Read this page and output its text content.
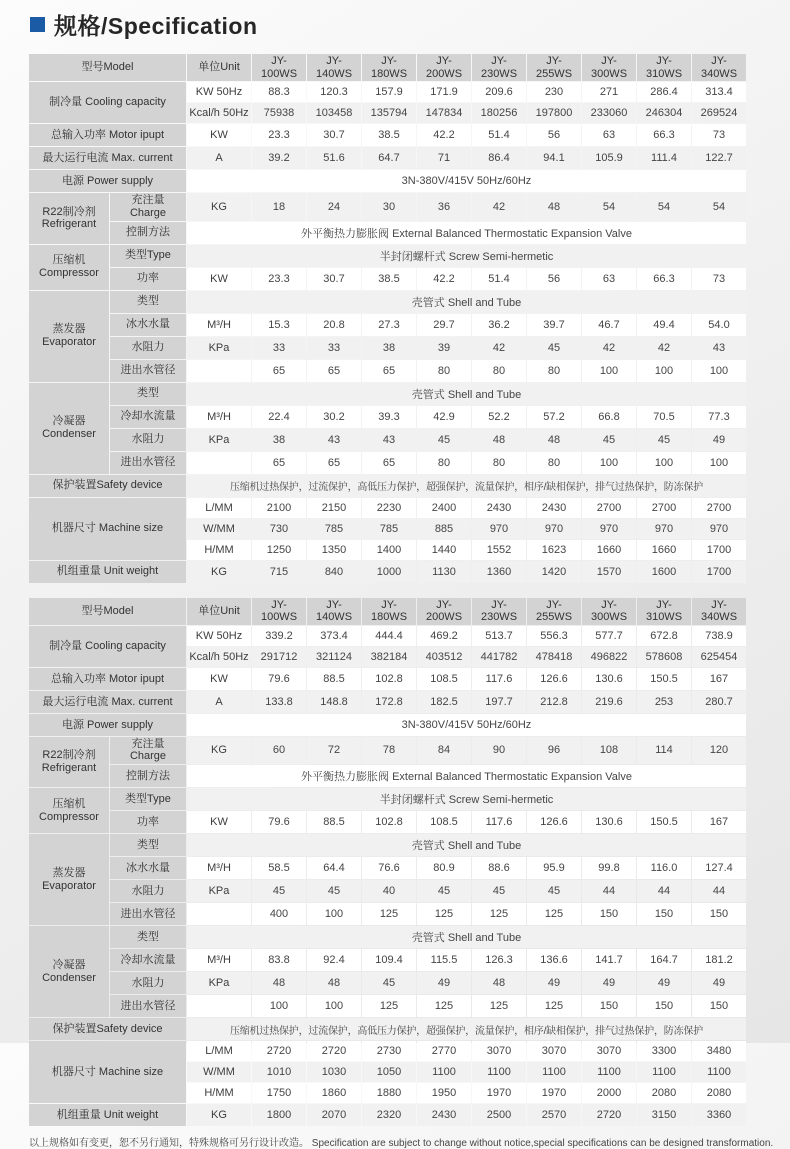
规格/Specification
型号Model		单位Unit	JY-100WS	JY-140WS	JY-180WS	JY-200WS	JY-230WS	JY-255WS	JY-300WS	JY-310WS	JY-340WS
制冷量 Cooling capacity		KW 50Hz	88.3	120.3	157.9	171.9	209.6	230	271	286.4	313.4
		Kcal/h 50Hz	75938	103458	135794	147834	180256	197800	233060	246304	269524
总输入功率 Motor ipupt		KW	23.3	30.7	38.5	42.2	51.4	56	63	66.3	73
最大运行电流 Max. current		A	39.2	51.6	64.7	71	86.4	94.1	105.9	111.4	122.7
电源 Power supply		3N-380V/415V 50Hz/60Hz									
R22制冷剂 Refrigerant	充注量 Charge	KG	18	24	30	36	42	48	54	54	54
	控制方法	外平衡热力膨胀阀 External Balanced Thermostatic Expansion Valve									
压缩机 Compressor	类型Type	半封闭螺杆式 Screw Semi-hermetic									
	功率	KW	23.3	30.7	38.5	42.2	51.4	56	63	66.3	73
蒸发器 Evaporator	类型	壳管式 Shell and Tube									
	冰水水量	M³/H	15.3	20.8	27.3	29.7	36.2	39.7	46.7	49.4	54.0
	水阻力	KPa	33	33	38	39	42	45	42	42	43
	进出水管径		65	65	65	80	80	80	100	100	100
冷凝器 Condenser	类型	壳管式 Shell and Tube									
	冷却水流量	M³/H	22.4	30.2	39.3	42.9	52.2	57.2	66.8	70.5	77.3
	水阻力	KPa	38	43	43	45	48	48	45	45	49
	进出水管径		65	65	65	80	80	80	100	100	100
保护装置Safety device		压缩机过热保护，过流保护，高低压力保护，超强保护，流量保护，相序/缺相保护，排气过热保护，防冻保护									
机器尺寸 Machine size		L/MM	2100	2150	2230	2400	2430	2430	2700	2700	2700
		W/MM	730	785	785	885	970	970	970	970	970
		H/MM	1250	1350	1400	1440	1552	1623	1660	1660	1700
机组重量 Unit weight		KG	715	840	1000	1130	1360	1420	1570	1600	1700
型号Model		单位Unit	JY-100WS	JY-140WS	JY-180WS	JY-200WS	JY-230WS	JY-255WS	JY-300WS	JY-310WS	JY-340WS
制冷量 Cooling capacity		KW 50Hz	339.2	373.4	444.4	469.2	513.7	556.3	577.7	672.8	738.9
		Kcal/h 50Hz	291712	321124	382184	403512	441782	478418	496822	578608	625454
总输入功率 Motor ipupt		KW	79.6	88.5	102.8	108.5	117.6	126.6	130.6	150.5	167
最大运行电流 Max. current		A	133.8	148.8	172.8	182.5	197.7	212.8	219.6	253	280.7
电源 Power supply		3N-380V/415V 50Hz/60Hz									
R22制冷剂 Refrigerant	充注量 Charge	KG	60	72	78	84	90	96	108	114	120
	控制方法	外平衡热力膨胀阀 External Balanced Thermostatic Expansion Valve									
压缩机 Compressor	类型Type	半封闭螺杆式 Screw Semi-hermetic									
	功率	KW	79.6	88.5	102.8	108.5	117.6	126.6	130.6	150.5	167
蒸发器 Evaporator	类型	壳管式 Shell and Tube									
	冰水水量	M³/H	58.5	64.4	76.6	80.9	88.6	95.9	99.8	116.0	127.4
	水阻力	KPa	45	45	40	45	45	45	44	44	44
	进出水管径		400	100	125	125	125	125	150	150	150
冷凝器 Condenser	类型	壳管式 Shell and Tube									
	冷却水流量	M³/H	83.8	92.4	109.4	115.5	126.3	136.6	141.7	164.7	181.2
	水阻力	KPa	48	48	45	49	48	49	49	49	49
	进出水管径		100	100	125	125	125	125	150	150	150
保护装置Safety device		压缩机过热保护，过流保护，高低压力保护，超强保护，流量保护，相序/缺相保护，排气过热保护，防冻保护									
机器尺寸 Machine size		L/MM	2720	2720	2730	2770	3070	3070	3070	3300	3480
		W/MM	1010	1030	1050	1100	1100	1100	1100	1100	1100
		H/MM	1750	1860	1880	1950	1970	1970	2000	2080	2080
机组重量 Unit weight		KG	1800	2070	2320	2430	2500	2570	2720	3150	3360
以上规格如有变更，恕不另行通知，特殊规格可另行设计改造。 Specification are subject to change without notice,special specifications can be designed transformation.
